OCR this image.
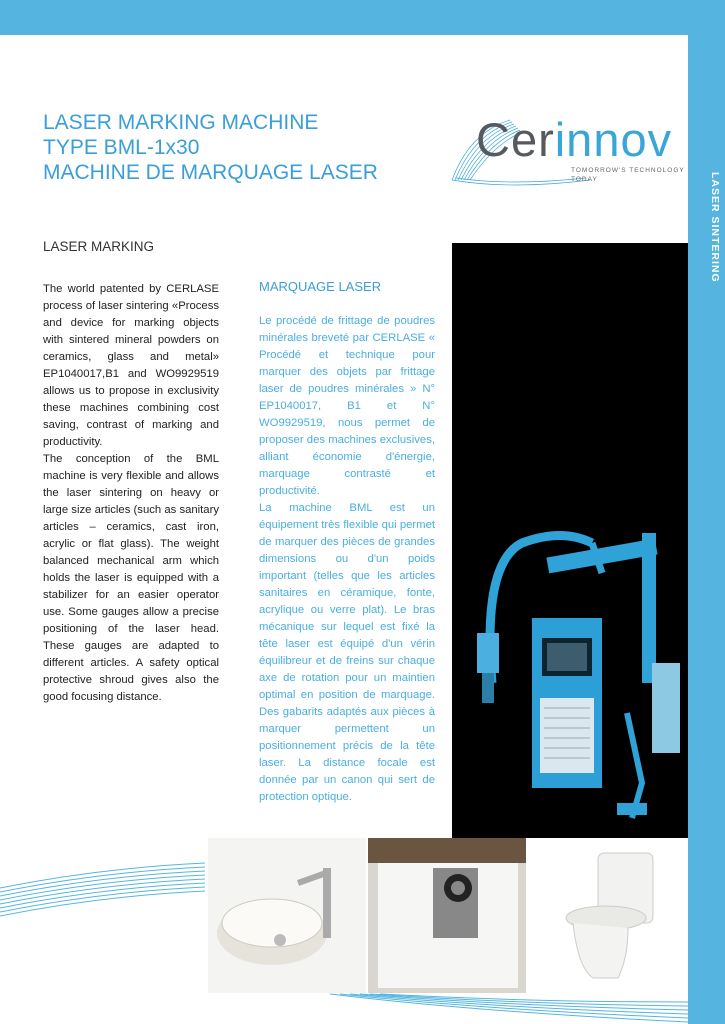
LASER SINTERING
LASER MARKING MACHINE
TYPE BML-1x30
MACHINE DE MARQUAGE LASER
Cerinnov
TOMORROW'S TECHNOLOGY
TODAY
LASER MARKING

The world patented by CERLASE process of laser sintering «Process and device for marking objects with sintered mineral powders on ceramics, glass and metal» EP1040017,B1 and WO9929519 allows us to propose in exclusivity these machines combining cost saving, contrast of marking and productivity.

The conception of the BML machine is very flexible and allows the laser sintering on heavy or large size articles (such as sanitary articles – ceramics, cast iron, acrylic or flat glass). The weight balanced mechanical arm which holds the laser is equipped with a stabilizer for an easier operator use. Some gauges allow a precise positioning of the laser head. These gauges are adapted to different articles. A safety optical protective shroud gives also the good focusing distance.

MARQUAGE LASER

Le procédé de frittage de poudres minérales breveté par CERLASE « Procédé et technique pour marquer des objets par frittage laser de poudres minérales » N° EP1040017, B1 et N° WO9929519, nous permet de proposer des machines exclusives, alliant économie d'énergie, marquage contrasté et productivité.

La machine BML est un équipement très flexible qui permet de marquer des pièces de grandes dimensions ou d'un poids important (telles que les articles sanitaires en céramique, fonte, acrylique ou verre plat). Le bras mécanique sur lequel est fixé la tête laser est équipé d'un vérin équilibreur et de freins sur chaque axe de rotation pour un maintien optimal en position de marquage. Des gabarits adaptés aux pièces à marquer permettent un positionnement précis de la tête laser. La distance focale est donnée par un canon qui sert de protection optique.
